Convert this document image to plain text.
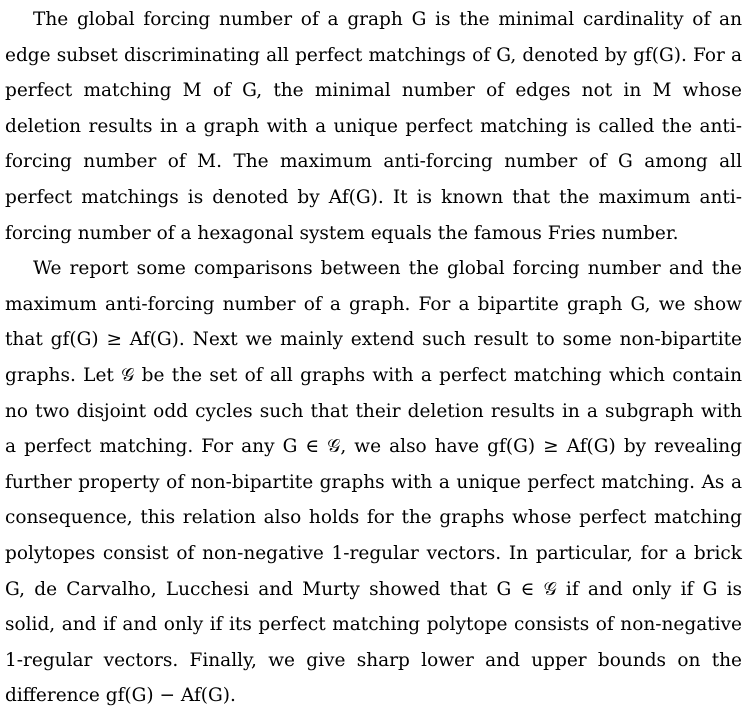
The global forcing number of a graph G is the minimal cardinality of an edge subset discriminating all perfect matchings of G, denoted by gf(G). For a perfect matching M of G, the minimal number of edges not in M whose deletion results in a graph with a unique perfect matching is called the anti-forcing number of M. The maximum anti-forcing number of G among all perfect matchings is denoted by Af(G). It is known that the maximum anti-forcing number of a hexagonal system equals the famous Fries number.

We report some comparisons between the global forcing number and the maximum anti-forcing number of a graph. For a bipartite graph G, we show that gf(G) ≥ Af(G). Next we mainly extend such result to some non-bipartite graphs. Let 𝒢 be the set of all graphs with a perfect matching which contain no two disjoint odd cycles such that their deletion results in a subgraph with a perfect matching. For any G ∈ 𝒢, we also have gf(G) ≥ Af(G) by revealing further property of non-bipartite graphs with a unique perfect matching. As a consequence, this relation also holds for the graphs whose perfect matching polytopes consist of non-negative 1-regular vectors. In particular, for a brick G, de Carvalho, Lucchesi and Murty showed that G ∈ 𝒢 if and only if G is solid, and if and only if its perfect matching polytope consists of non-negative 1-regular vectors. Finally, we give sharp lower and upper bounds on the difference gf(G) − Af(G).
